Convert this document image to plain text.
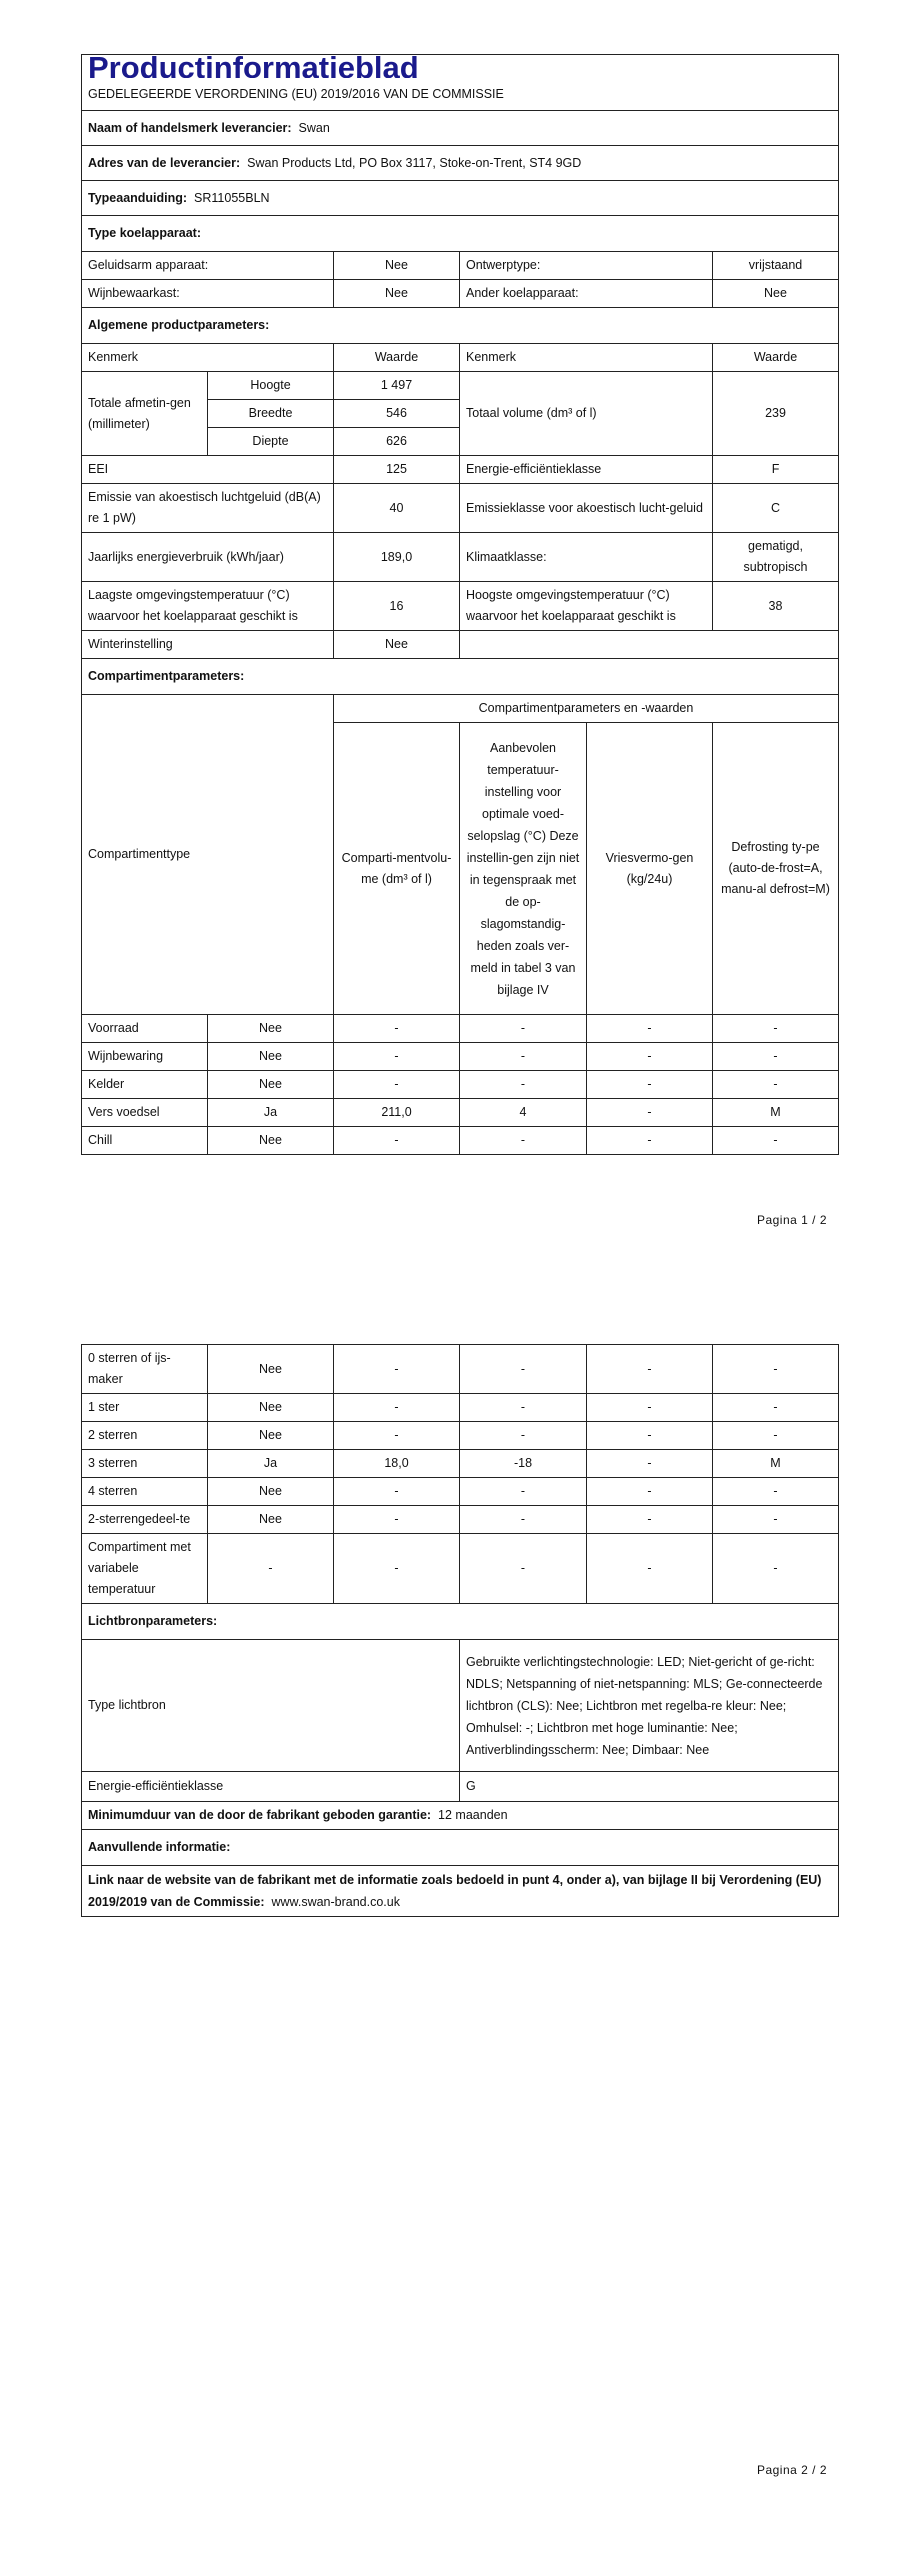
Productinformatieblad					
GEDELEGEERDE VERORDENING (EU) 2019/2016 VAN DE COMMISSIE					
Naam of handelsmerk leverancier: Swan					
Adres van de leverancier: Swan Products Ltd, PO Box 3117, Stoke-on-Trent, ST4 9GD					
Typeaanduiding: SR11055BLN					
Type koelapparaat:					
Geluidsarm apparaat:		Nee	Ontwerptype:		vrijstaand
Wijnbewaarkast:		Nee	Ander koelapparaat:		Nee
Algemene productparameters:					
Kenmerk		Waarde	Kenmerk		Waarde
Totale afmetin-gen (millimeter)	Hoogte	1 497	Totaal volume (dm³ of l)		239
	Breedte	546			
	Diepte	626			
EEI		125	Energie-efficiëntieklasse		F
Emissie van akoestisch luchtgeluid (dB(A) re 1 pW)		40	Emissieklasse voor akoestisch lucht-geluid		C
Jaarlijks energieverbruik (kWh/jaar)		189,0	Klimaatklasse:		gematigd, subtropisch
Laagste omgevingstemperatuur (°C) waarvoor het koelapparaat geschikt is		16	Hoogste omgevingstemperatuur (°C) waarvoor het koelapparaat geschikt is		38
Winterinstelling		Nee			
Compartimentparameters:					
Compartimenttype		Compartimentparameters en -waarden			
		Comparti-mentvolu-me (dm³ of l)	Aanbevolen temperatuur-instelling voor optimale voed-selopslag (°C) Deze instellin-gen zijn niet in tegenspraak met de op-slagomstandig-heden zoals ver-meld in tabel 3 van bijlage IV	Vriesvermo-gen (kg/24u)	Defrosting ty-pe (auto-de-frost=A, manu-al defrost=M)
Voorraad	Nee	-	-	-	-
Wijnbewaring	Nee	-	-	-	-
Kelder	Nee	-	-	-	-
Vers voedsel	Ja	211,0	4	-	M
Chill	Nee	-	-	-	-
Pagina 1 / 2
0 sterren of ijs-maker	Nee	-	-	-	-
1 ster	Nee	-	-	-	-
2 sterren	Nee	-	-	-	-
3 sterren	Ja	18,0	-18	-	M
4 sterren	Nee	-	-	-	-
2-sterrengedeel-te	Nee	-	-	-	-
Compartiment met variabele temperatuur	-	-	-	-	-
Lichtbronparameters:					
Type lichtbron			Gebruikte verlichtingstechnologie: LED; Niet-gericht of ge-richt: NDLS; Netspanning of niet-netspanning: MLS; Ge-connecteerde lichtbron (CLS): Nee; Lichtbron met regelba-re kleur: Nee; Omhulsel: -; Lichtbron met hoge luminantie: Nee; Antiverblindingsscherm: Nee; Dimbaar: Nee		
Energie-efficiëntieklasse			G		
Minimumduur van de door de fabrikant geboden garantie: 12 maanden					
Aanvullende informatie:					
Link naar de website van de fabrikant met de informatie zoals bedoeld in punt 4, onder a), van bijlage II bij Verordening (EU) 2019/2019 van de Commissie: www.swan-brand.co.uk					
Pagina 2 / 2
